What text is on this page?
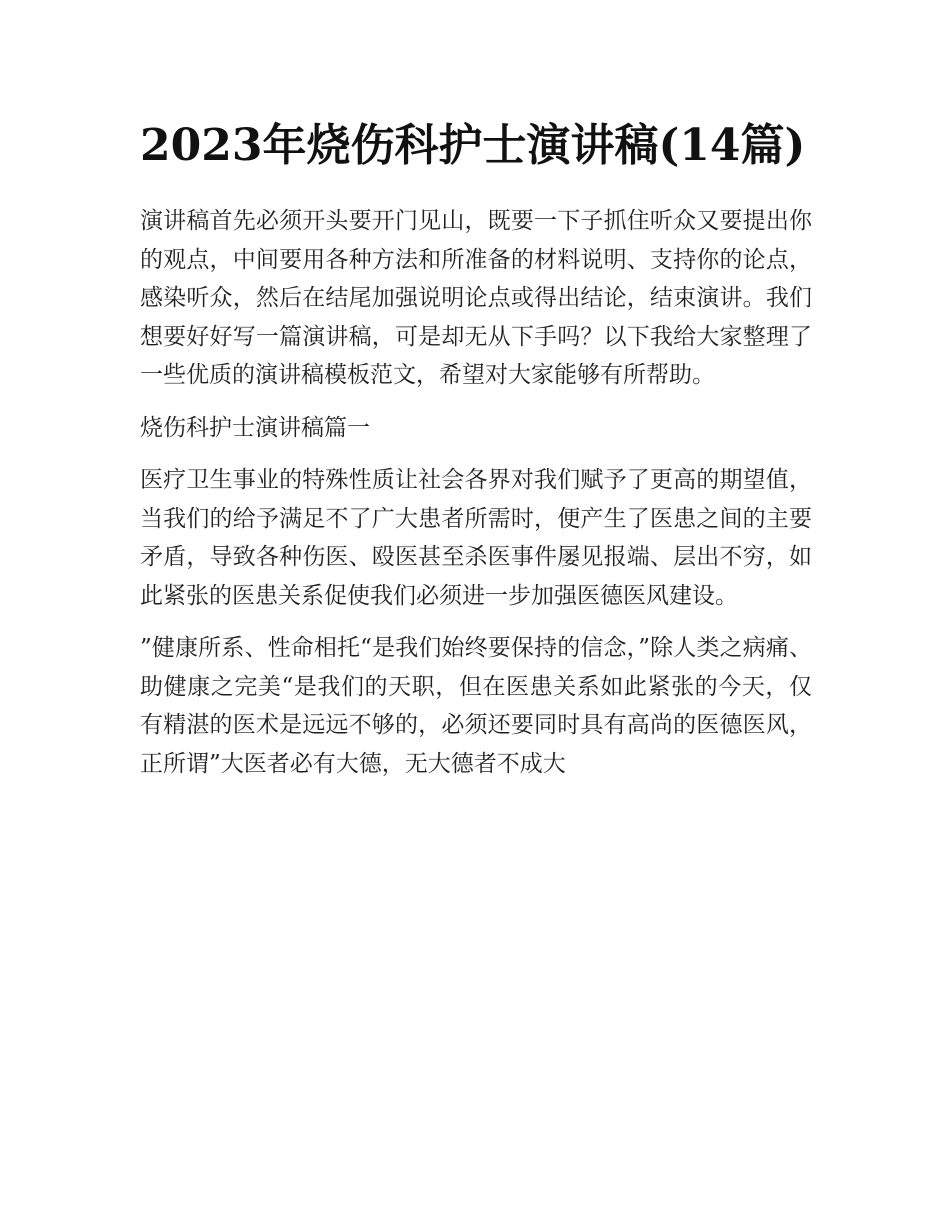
2023年烧伤科护士演讲稿(14篇)

演讲稿首先必须开头要开门见山，既要一下子抓住听众又要提出你的观点，中间要用各种方法和所准备的材料说明、支持你的论点，感染听众，然后在结尾加强说明论点或得出结论，结束演讲。我们想要好好写一篇演讲稿，可是却无从下手吗？以下我给大家整理了一些优质的演讲稿模板范文，希望对大家能够有所帮助。

烧伤科护士演讲稿篇一

医疗卫生事业的特殊性质让社会各界对我们赋予了更高的期望值，当我们的给予满足不了广大患者所需时，便产生了医患之间的主要矛盾，导致各种伤医、殴医甚至杀医事件屡见报端、层出不穷，如此紧张的医患关系促使我们必须进一步加强医德医风建设。

”健康所系、性命相托“是我们始终要保持的信念，”除人类之病痛、助健康之完美“是我们的天职，但在医患关系如此紧张的今天，仅有精湛的医术是远远不够的，必须还要同时具有高尚的医德医风，正所谓”大医者必有大德，无大德者不成大
